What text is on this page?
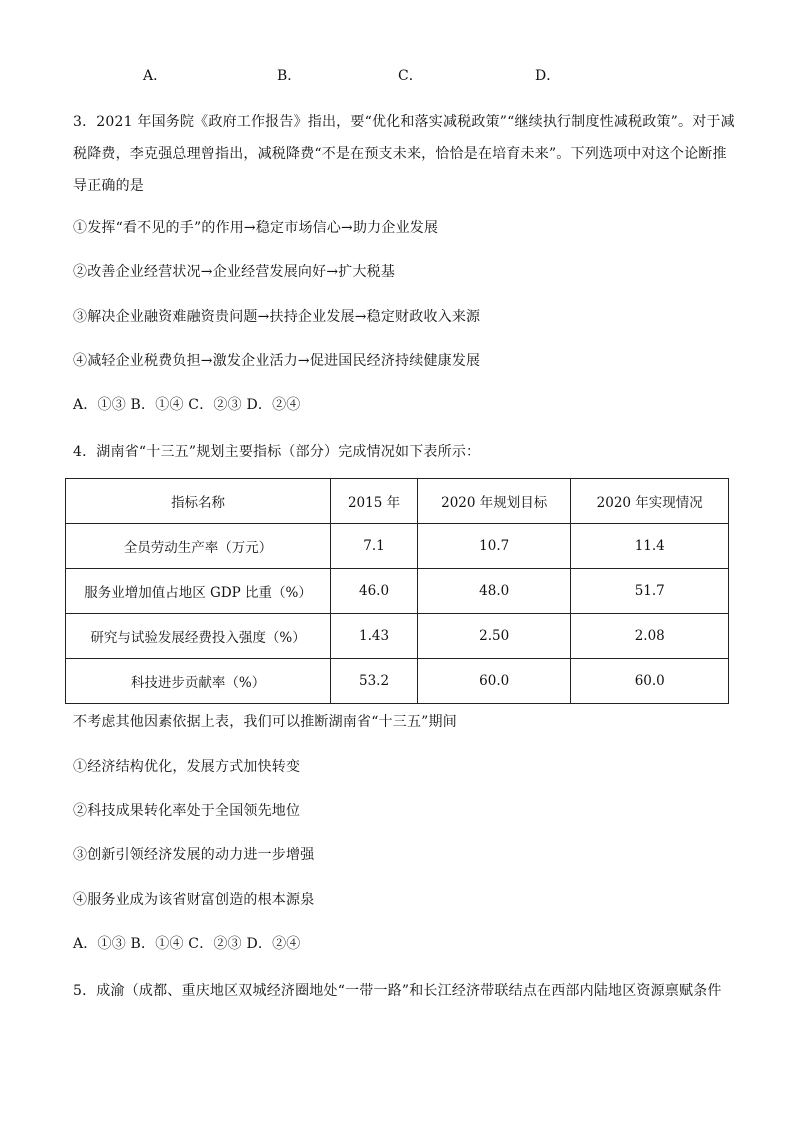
A．	B．	C．	D．
3．2021 年国务院《政府工作报告》指出，要“优化和落实减税政策”“继续执行制度性减税政策”。对于减
税降费，李克强总理曾指出，减税降费“不是在预支未来，恰恰是在培育未来”。下列选项中对这个论断推
导正确的是
①发挥“看不见的手”的作用→稳定市场信心→助力企业发展
②改善企业经营状况→企业经营发展向好→扩大税基
③解决企业融资难融资贵问题→扶持企业发展→稳定财政收入来源
④减轻企业税费负担→激发企业活力→促进国民经济持续健康发展
A．①③ B．①④ C．②③ D．②④
4．湖南省“十三五”规划主要指标（部分）完成情况如下表所示：
指标名称	2015 年	2020 年规划目标	2020 年实现情况
全员劳动生产率（万元）	7.1	10.7	11.4
服务业增加值占地区 GDP 比重（%）	46.0	48.0	51.7
研究与试验发展经费投入强度（%）	1.43	2.50	2.08
科技进步贡献率（%）	53.2	60.0	60.0
不考虑其他因素依据上表，我们可以推断湖南省“十三五”期间
①经济结构优化，发展方式加快转变
②科技成果转化率处于全国领先地位
③创新引领经济发展的动力进一步增强
④服务业成为该省财富创造的根本源泉
A．①③ B．①④ C．②③ D．②④
5．成渝（成都、重庆地区双城经济圈地处“一带一路”和长江经济带联结点在西部内陆地区资源禀赋条件
